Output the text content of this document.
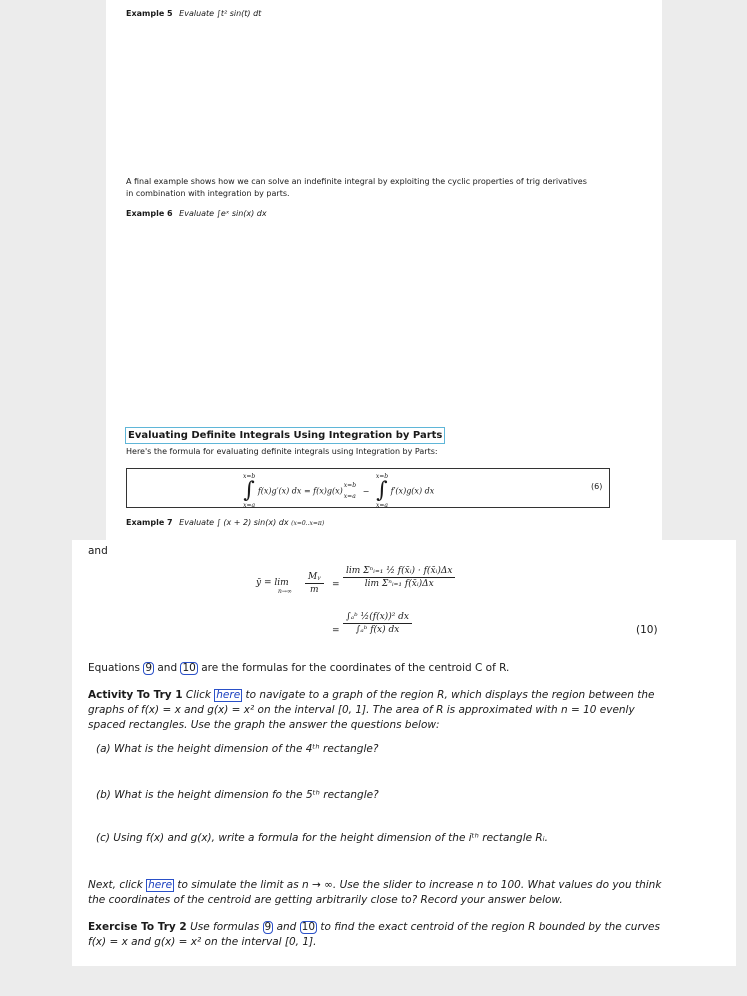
Example 5 Evaluate ∫t² sin(t) dt
A final example shows how we can solve an indefinite integral by exploiting the cyclic properties of trig derivatives
in combination with integration by parts.
Example 6 Evaluate ∫eˣ sin(x) dx
Evaluating Definite Integrals Using Integration by Parts
Here's the formula for evaluating definite integrals using Integration by Parts:
x=b
∫
x=a
f(x)g′(x) dx = f(x)g(x)
x=b
x=a
−
x=b
∫
x=a
f′(x)g(x) dx	(6)
Example 7 Evaluate ∫ (x + 2) sin(x) dx (x=0..x=π)
and
ȳ = lim
$n\to\infty \frac{\text{Mᵧ}}{m} = \frac{\text{lim Σⁿᵢ₌₁ ½ f(x̄ᵢ) · f(x̄ᵢ)Δx}}{\text{lim Σⁿᵢ₌₁ f(x̄ᵢ)Δx}}$
= $\frac{\text{∫ₐᵇ ½(f(x))² dx}}{\text{∫ₐᵇ f(x) dx}}$	(10)
Equations 9 and 10 are the formulas for the coordinates of the centroid C of R.
Activity To Try 1 Click here to navigate to a graph of the region R, which displays the region between the
graphs of f(x) = x and g(x) = x² on the interval [0, 1]. The area of R is approximated with n = 10 evenly
spaced rectangles. Use the graph the answer the questions below:
(a) What is the height dimension of the 4ᵗʰ rectangle?
(b) What is the height dimension fo the 5ᵗʰ rectangle?
(c) Using f(x) and g(x), write a formula for the height dimension of the iᵗʰ rectangle Rᵢ.
Next, click here to simulate the limit as n → ∞. Use the slider to increase n to 100. What values do you think
the coordinates of the centroid are getting arbitrarily close to? Record your answer below.
Exercise To Try 2 Use formulas 9 and 10 to find the exact centroid of the region R bounded by the curves
f(x) = x and g(x) = x² on the interval [0, 1].
